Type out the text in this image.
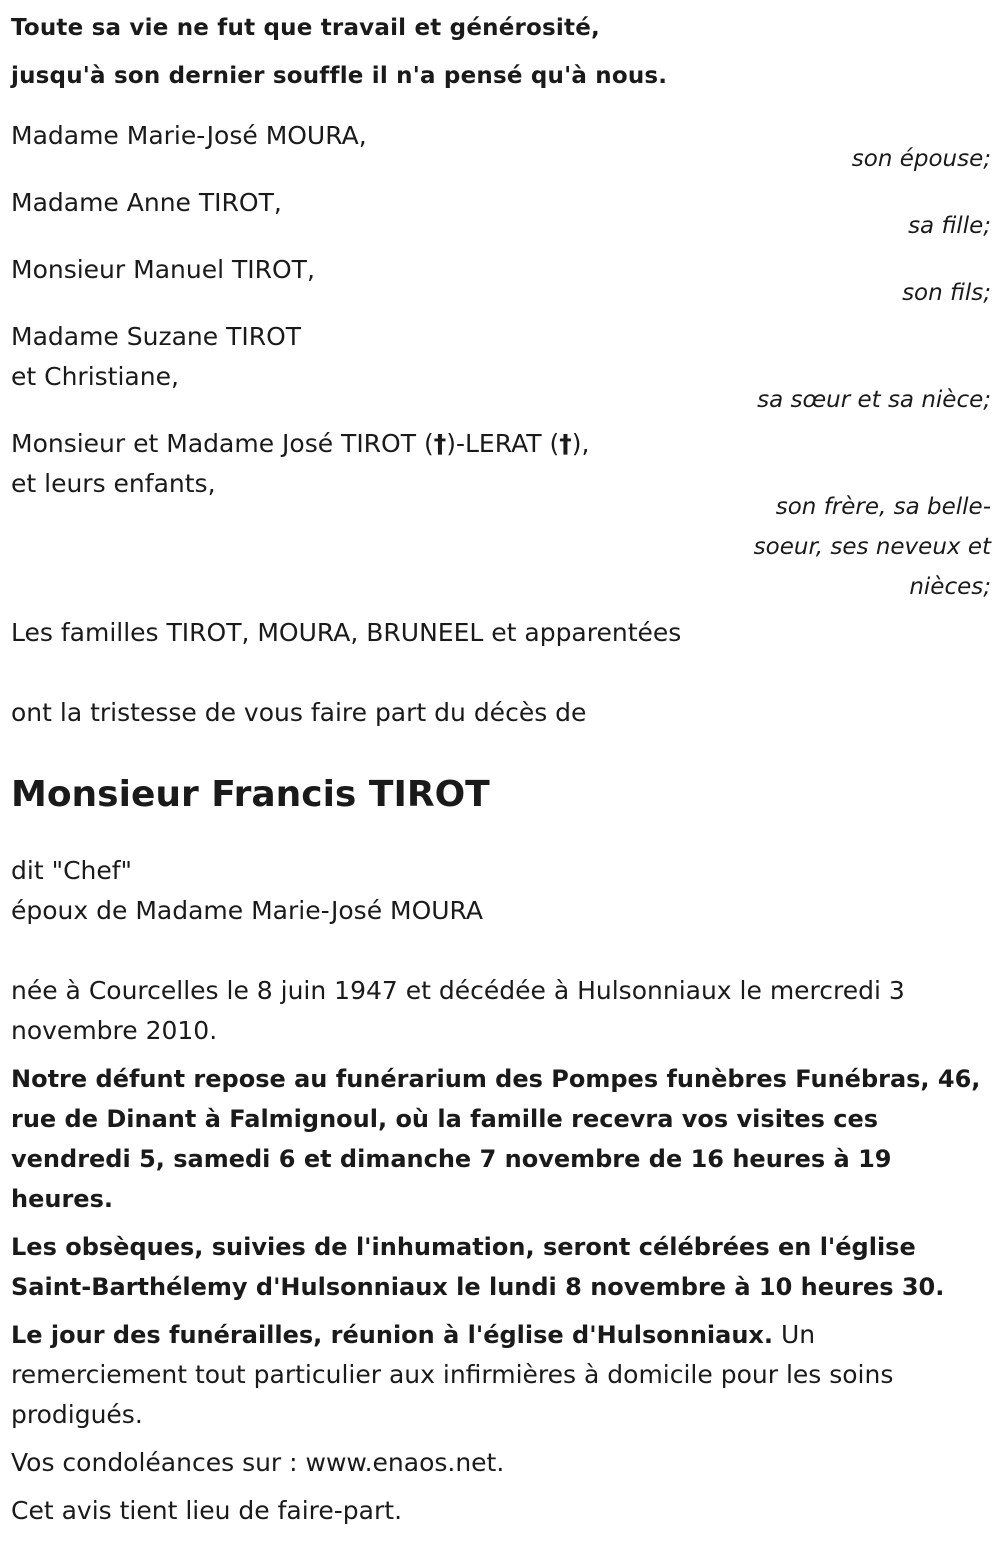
Toute sa vie ne fut que travail et générosité,
jusqu'à son dernier souffle il n'a pensé qu'à nous.
Madame Marie-José MOURA,
son épouse;
Madame Anne TIROT,
sa fille;
Monsieur Manuel TIROT,
son fils;
Madame Suzane TIROT
et Christiane,
sa sœur et sa nièce;
Monsieur et Madame José TIROT (†)-LERAT (†),
et leurs enfants,
son frère, sa belle-
soeur, ses neveux et
nièces;
Les familles TIROT, MOURA, BRUNEEL et apparentées
ont la tristesse de vous faire part du décès de
Monsieur Francis TIROT
dit "Chef"
époux de Madame Marie-José MOURA
née à Courcelles le 8 juin 1947 et décédée à Hulsonniaux le mercredi 3 novembre 2010.
Notre défunt repose au funérarium des Pompes funèbres Funébras, 46, rue de Dinant à Falmignoul, où la famille recevra vos visites ces vendredi 5, samedi 6 et dimanche 7 novembre de 16 heures à 19 heures.
Les obsèques, suivies de l'inhumation, seront célébrées en l'église Saint-Barthélemy d'Hulsonniaux le lundi 8 novembre à 10 heures 30.
Le jour des funérailles, réunion à l'église d'Hulsonniaux. Un remerciement tout particulier aux infirmières à domicile pour les soins prodigués.
Vos condoléances sur : www.enaos.net.
Cet avis tient lieu de faire-part.
